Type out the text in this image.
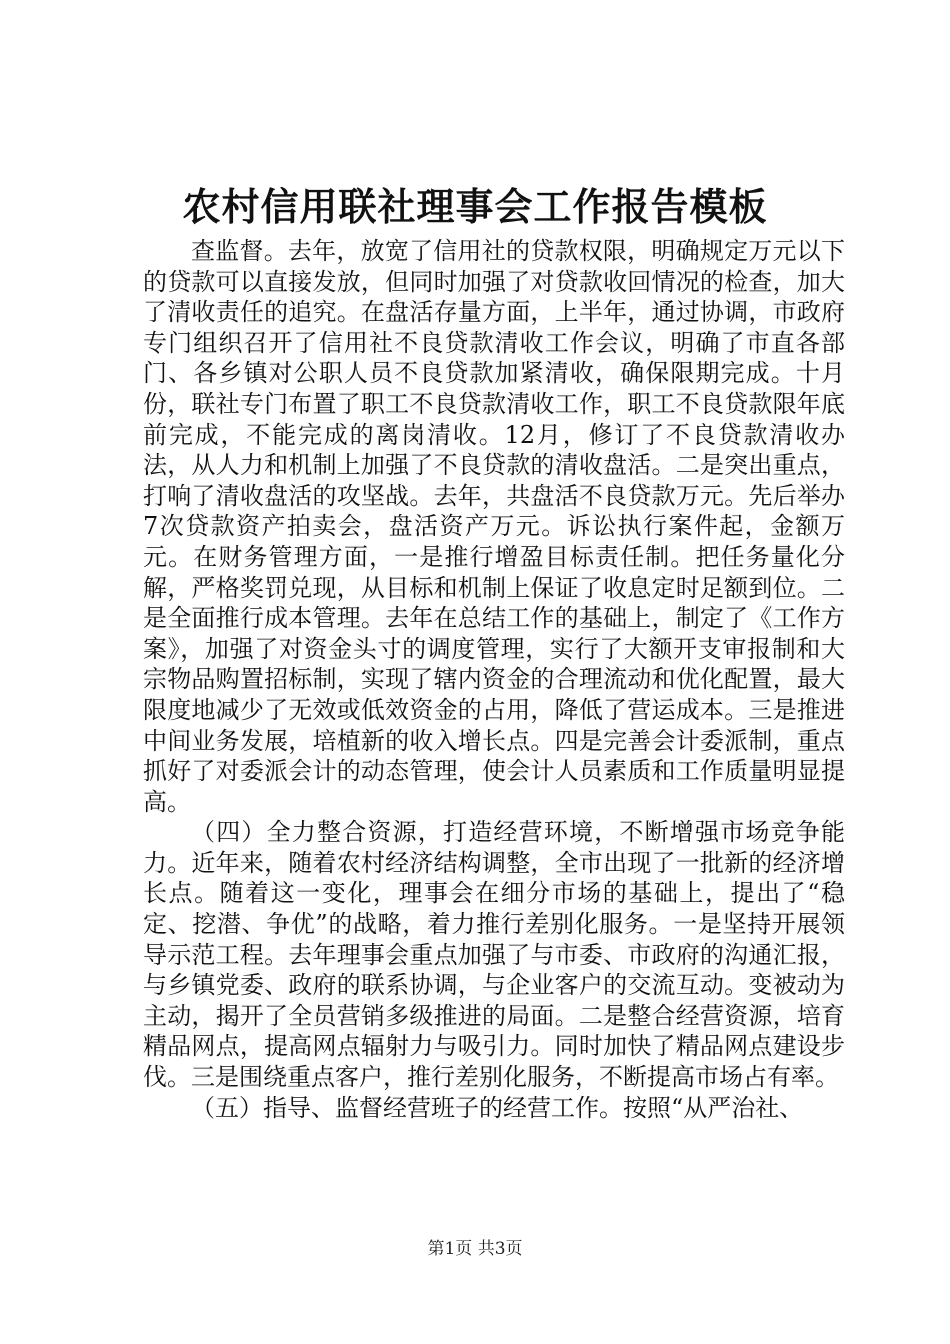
农村信用联社理事会工作报告模板

查监督。去年，放宽了信用社的贷款权限，明确规定万元以下的贷款可以直接发放，但同时加强了对贷款收回情况的检查，加大了清收责任的追究。在盘活存量方面，上半年，通过协调，市政府专门组织召开了信用社不良贷款清收工作会议，明确了市直各部门、各乡镇对公职人员不良贷款加紧清收，确保限期完成。十月份，联社专门布置了职工不良贷款清收工作，职工不良贷款限年底前完成，不能完成的离岗清收。12月，修订了不良贷款清收办法，从人力和机制上加强了不良贷款的清收盘活。二是突出重点，打响了清收盘活的攻坚战。去年，共盘活不良贷款万元。先后举办7次贷款资产拍卖会，盘活资产万元。诉讼执行案件起，金额万元。在财务管理方面，一是推行增盈目标责任制。把任务量化分解，严格奖罚兑现，从目标和机制上保证了收息定时足额到位。二是全面推行成本管理。去年在总结工作的基础上，制定了《工作方案》，加强了对资金头寸的调度管理，实行了大额开支审报制和大宗物品购置招标制，实现了辖内资金的合理流动和优化配置，最大限度地减少了无效或低效资金的占用，降低了营运成本。三是推进中间业务发展，培植新的收入增长点。四是完善会计委派制，重点抓好了对委派会计的动态管理，使会计人员素质和工作质量明显提高。

（四）全力整合资源，打造经营环境，不断增强市场竞争能力。近年来，随着农村经济结构调整，全市出现了一批新的经济增长点。随着这一变化，理事会在细分市场的基础上，提出了“稳定、挖潜、争优”的战略，着力推行差别化服务。一是坚持开展领导示范工程。去年理事会重点加强了与市委、市政府的沟通汇报，与乡镇党委、政府的联系协调，与企业客户的交流互动。变被动为主动，揭开了全员营销多级推进的局面。二是整合经营资源，培育精品网点，提高网点辐射力与吸引力。同时加快了精品网点建设步伐。三是围绕重点客户，推行差别化服务，不断提高市场占有率。

（五）指导、监督经营班子的经营工作。按照“从严治社、

第1页 共3页
